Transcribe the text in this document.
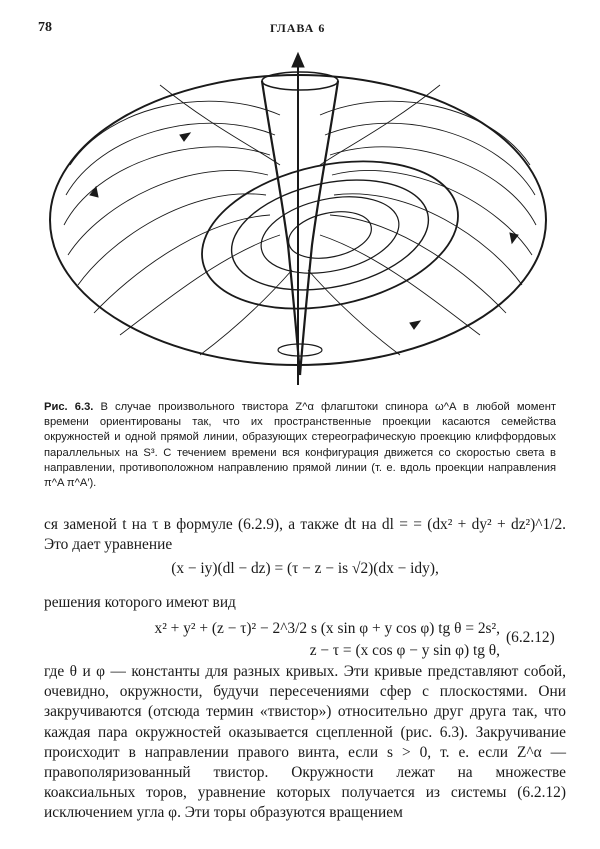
78	ГЛАВА 6
Рис. 6.3. В случае произвольного твистора Z^α флагштоки спинора ω^A в любой момент времени ориентированы так, что их пространственные проекции касаются семейства окружностей и одной прямой линии, образующих стереографическую проекцию клиффордовых параллельных на S³. С течением времени вся конфигурация движется со скоростью света в направлении, противоположном направлению прямой линии (т. е. вдоль проекции направления π^A π^A′).
ся заменой t на τ в формуле (6.2.9), а также dt на dl = = (dx² + dy² + dz²)^1/2. Это дает уравнение
(x − iy)(dl − dz) = (τ − z − is √2)(dx − idy),
решения которого имеют вид
x² + y² + (z − τ)² − 2^3/2 s (x sin φ + y cos φ) tg θ = 2s²,
z − τ = (x cos φ − y sin φ) tg θ,
(6.2.12)
где θ и φ — константы для разных кривых. Эти кривые представляют собой, очевидно, окружности, будучи пересечениями сфер с плоскостями. Они закручиваются (отсюда термин «твистор») относительно друг друга так, что каждая пара окружностей оказывается сцепленной (рис. 6.3). Закручивание происходит в направлении правого винта, если s > 0, т. е. если Z^α — правополяризованный твистор. Окружности лежат на множестве коаксиальных торов, уравнение которых получается из системы (6.2.12) исключением угла φ. Эти торы образуются вращением
